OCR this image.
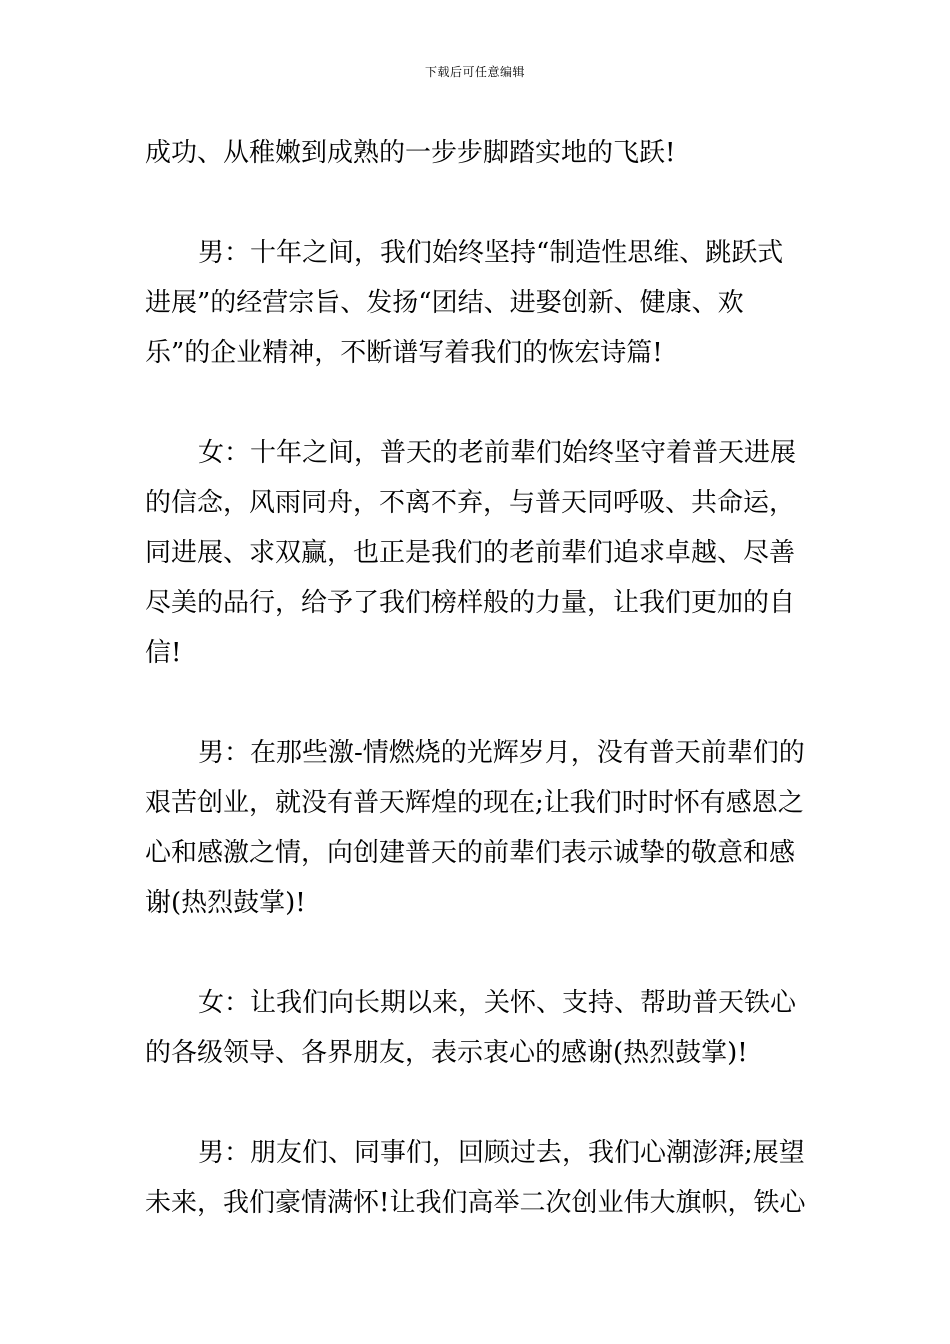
下载后可任意编辑

成功、从稚嫩到成熟的一步步脚踏实地的飞跃!

男：十年之间，我们始终坚持“制造性思维、跳跃式
进展”的经营宗旨、发扬“团结、进娶创新、健康、欢
乐”的企业精神，不断谱写着我们的恢宏诗篇!

女：十年之间，普天的老前辈们始终坚守着普天进展
的信念，风雨同舟，不离不弃，与普天同呼吸、共命运，
同进展、求双赢，也正是我们的老前辈们追求卓越、尽善
尽美的品行，给予了我们榜样般的力量，让我们更加的自
信!

男：在那些激-情燃烧的光辉岁月，没有普天前辈们的
艰苦创业，就没有普天辉煌的现在;让我们时时怀有感恩之
心和感激之情，向创建普天的前辈们表示诚挚的敬意和感
谢(热烈鼓掌)!

女：让我们向长期以来，关怀、支持、帮助普天铁心
的各级领导、各界朋友，表示衷心的感谢(热烈鼓掌)!

男：朋友们、同事们，回顾过去，我们心潮澎湃;展望
未来，我们豪情满怀!让我们高举二次创业伟大旗帜，铁心
